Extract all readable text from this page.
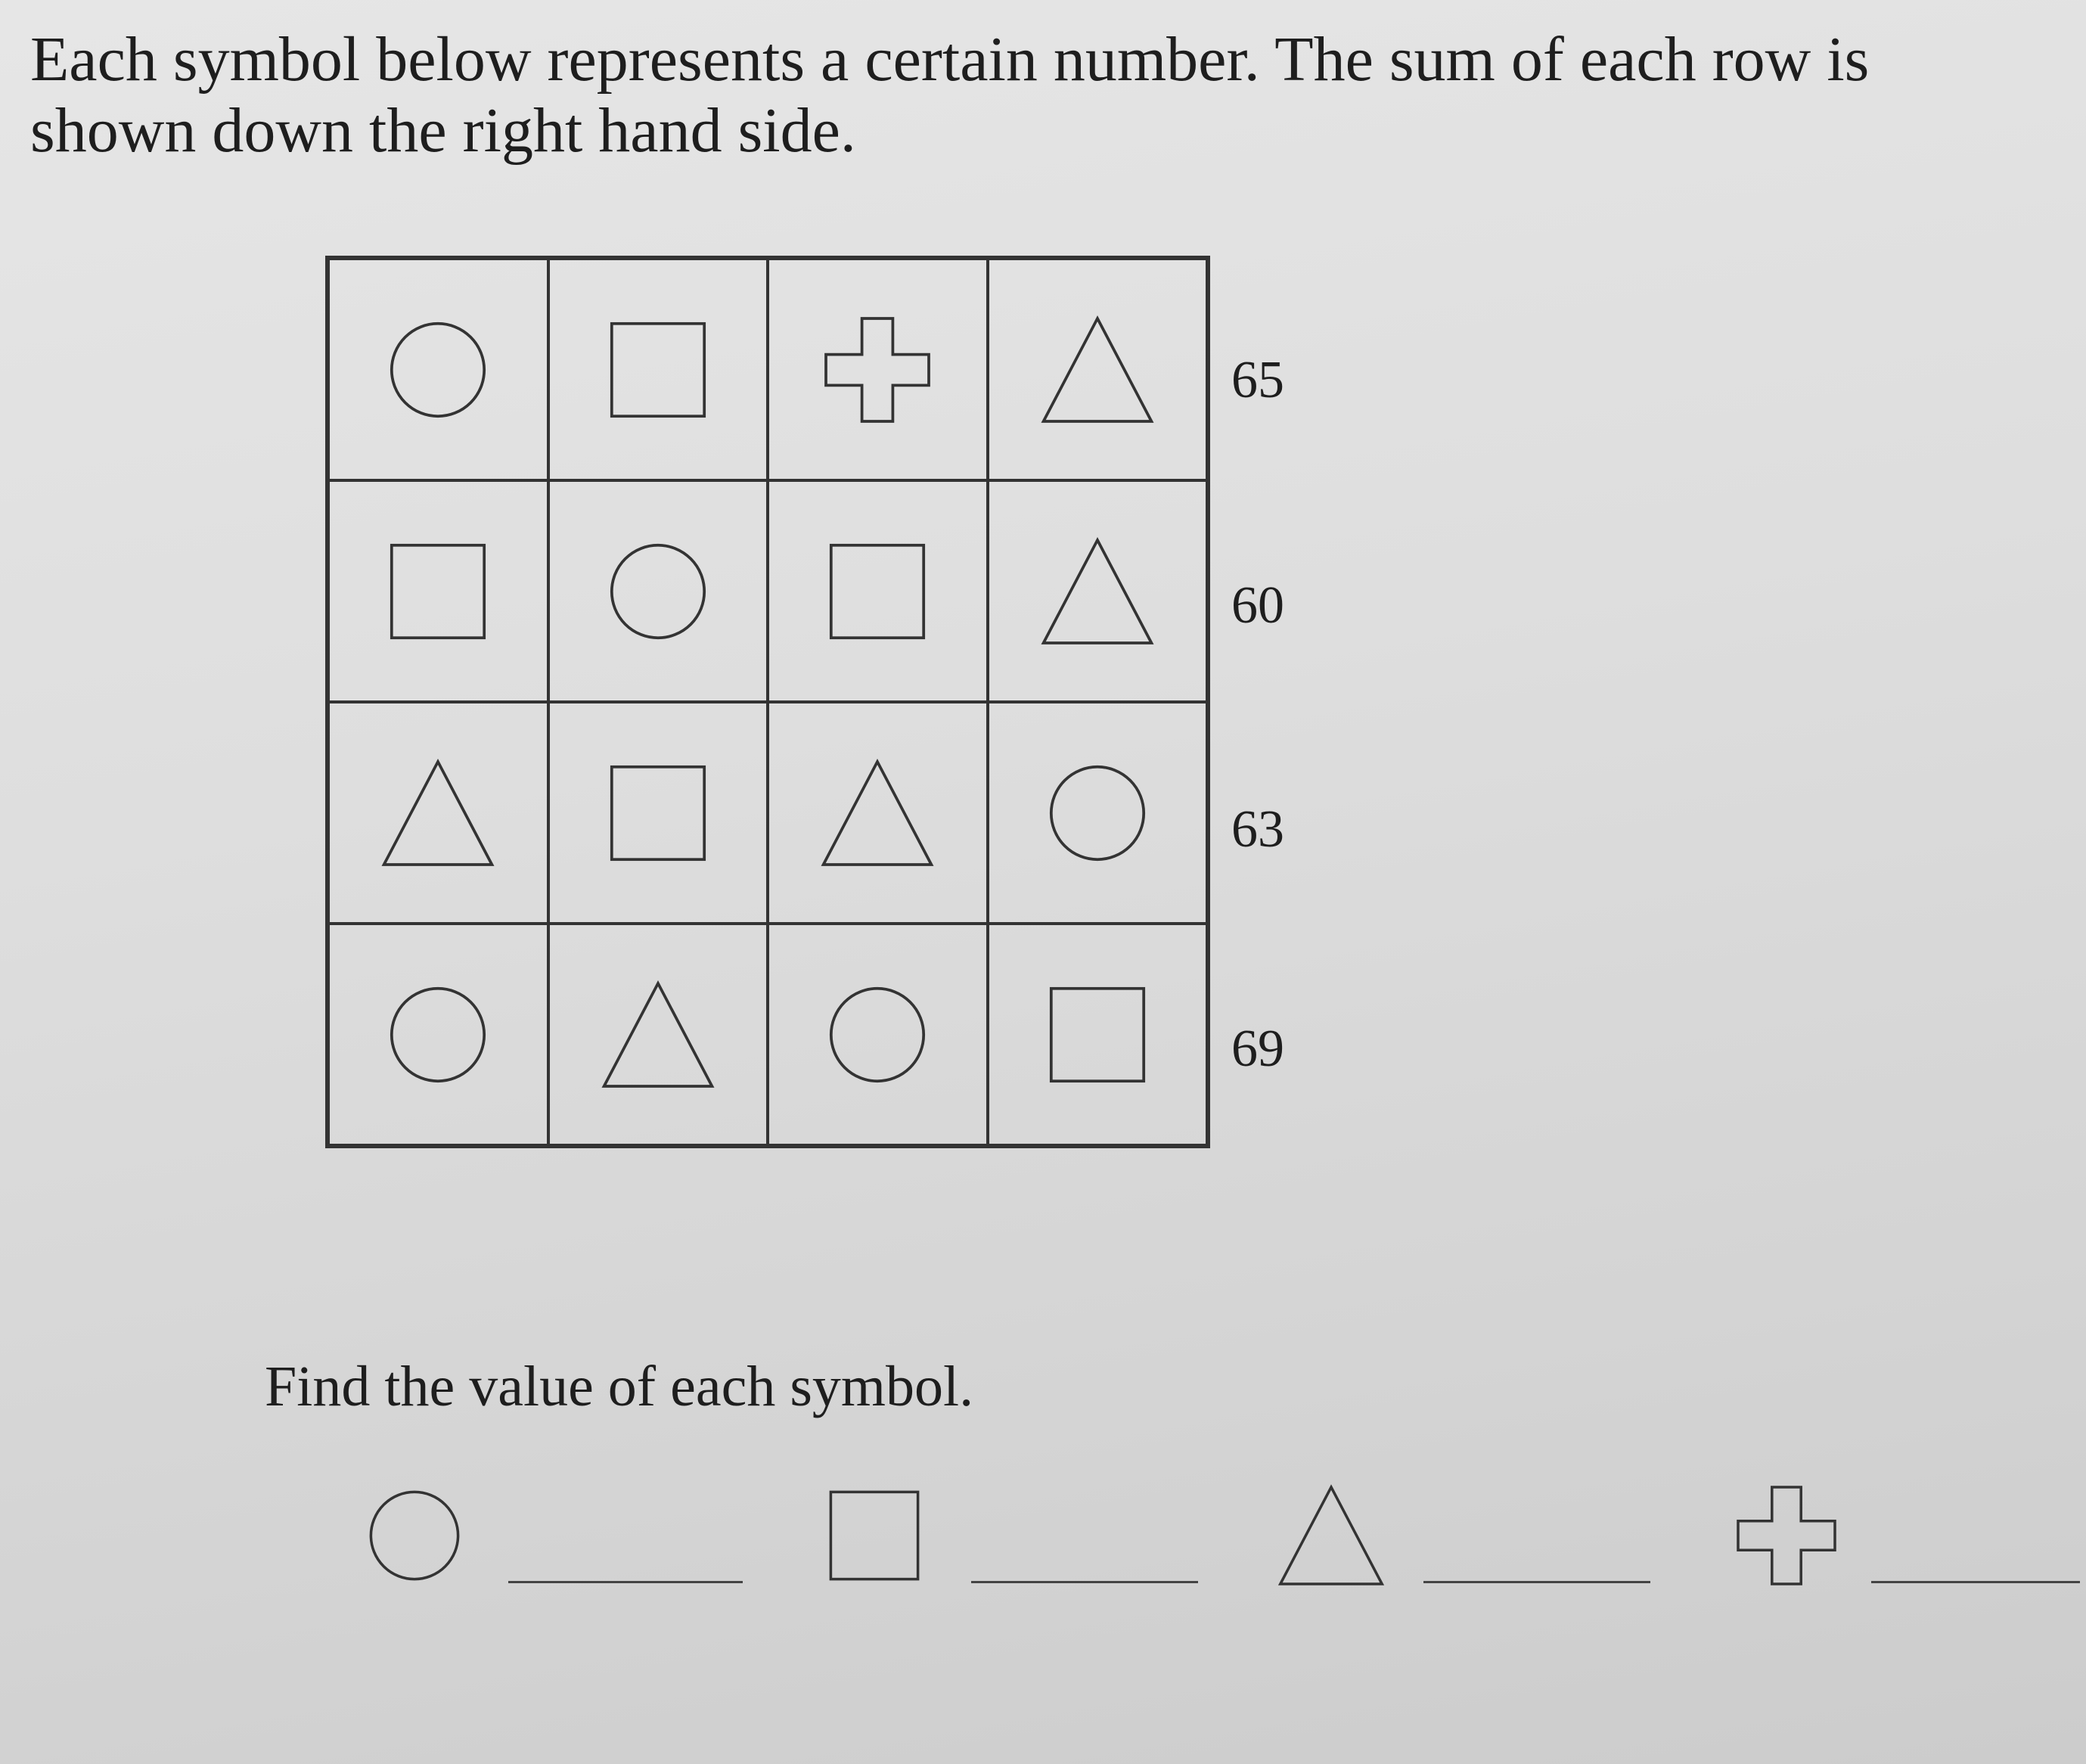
Each symbol below represents a certain number. The sum of each row is shown down the right hand side.

65
60
63
69

Find the value of each symbol.
